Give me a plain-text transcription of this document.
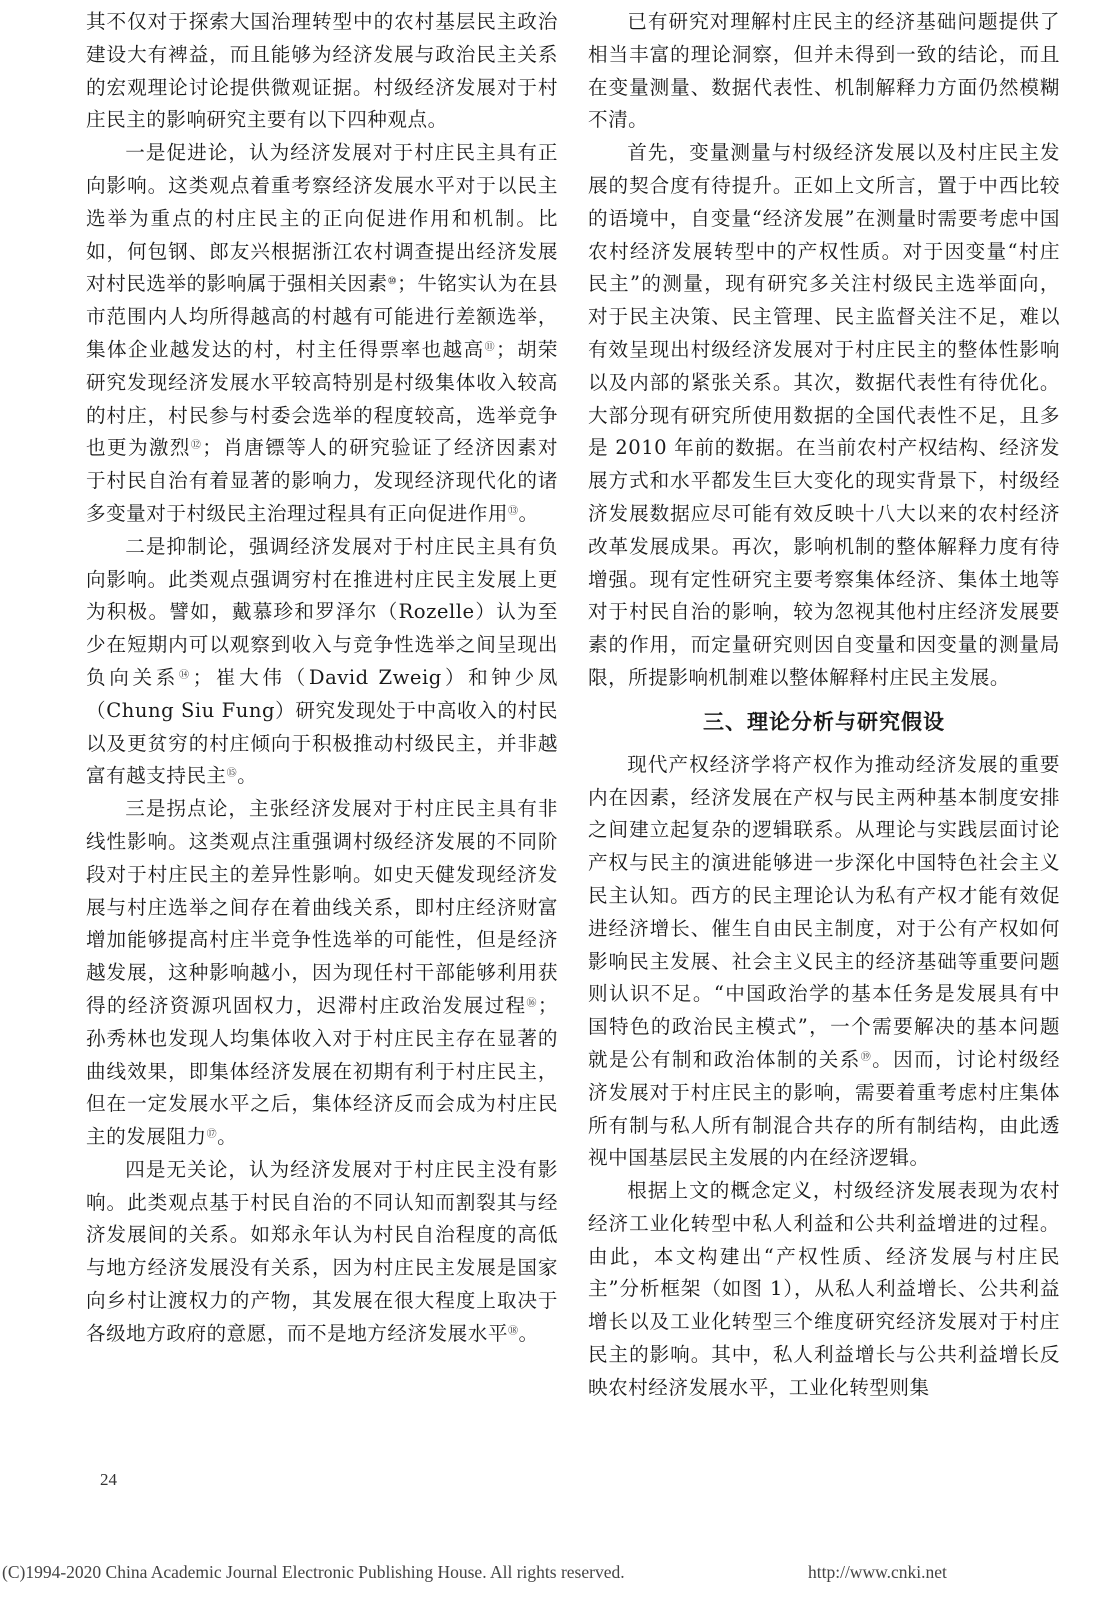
其不仅对于探索大国治理转型中的农村基层民主政治建设大有裨益，而且能够为经济发展与政治民主关系的宏观理论讨论提供微观证据。村级经济发展对于村庄民主的影响研究主要有以下四种观点。

一是促进论，认为经济发展对于村庄民主具有正向影响。这类观点着重考察经济发展水平对于以民主选举为重点的村庄民主的正向促进作用和机制。比如，何包钢、郎友兴根据浙江农村调查提出经济发展对村民选举的影响属于强相关因素⑩；牛铭实认为在县市范围内人均所得越高的村越有可能进行差额选举，集体企业越发达的村，村主任得票率也越高⑪；胡荣研究发现经济发展水平较高特别是村级集体收入较高的村庄，村民参与村委会选举的程度较高，选举竞争也更为激烈⑫；肖唐镖等人的研究验证了经济因素对于村民自治有着显著的影响力，发现经济现代化的诸多变量对于村级民主治理过程具有正向促进作用⑬。

二是抑制论，强调经济发展对于村庄民主具有负向影响。此类观点强调穷村在推进村庄民主发展上更为积极。譬如，戴慕珍和罗泽尔（Rozelle）认为至少在短期内可以观察到收入与竞争性选举之间呈现出负向关系⑭；崔大伟（David Zweig）和钟少凤（Chung Siu Fung）研究发现处于中高收入的村民以及更贫穷的村庄倾向于积极推动村级民主，并非越富有越支持民主⑮。

三是拐点论，主张经济发展对于村庄民主具有非线性影响。这类观点注重强调村级经济发展的不同阶段对于村庄民主的差异性影响。如史天健发现经济发展与村庄选举之间存在着曲线关系，即村庄经济财富增加能够提高村庄半竞争性选举的可能性，但是经济越发展，这种影响越小，因为现任村干部能够利用获得的经济资源巩固权力，迟滞村庄政治发展过程⑯；孙秀林也发现人均集体收入对于村庄民主存在显著的曲线效果，即集体经济发展在初期有利于村庄民主，但在一定发展水平之后，集体经济反而会成为村庄民主的发展阻力⑰。

四是无关论，认为经济发展对于村庄民主没有影响。此类观点基于村民自治的不同认知而割裂其与经济发展间的关系。如郑永年认为村民自治程度的高低与地方经济发展没有关系，因为村庄民主发展是国家向乡村让渡权力的产物，其发展在很大程度上取决于各级地方政府的意愿，而不是地方经济发展水平⑱。

已有研究对理解村庄民主的经济基础问题提供了相当丰富的理论洞察，但并未得到一致的结论，而且在变量测量、数据代表性、机制解释力方面仍然模糊不清。

首先，变量测量与村级经济发展以及村庄民主发展的契合度有待提升。正如上文所言，置于中西比较的语境中，自变量“经济发展”在测量时需要考虑中国农村经济发展转型中的产权性质。对于因变量“村庄民主”的测量，现有研究多关注村级民主选举面向，对于民主决策、民主管理、民主监督关注不足，难以有效呈现出村级经济发展对于村庄民主的整体性影响以及内部的紧张关系。其次，数据代表性有待优化。大部分现有研究所使用数据的全国代表性不足，且多是 2010 年前的数据。在当前农村产权结构、经济发展方式和水平都发生巨大变化的现实背景下，村级经济发展数据应尽可能有效反映十八大以来的农村经济改革发展成果。再次，影响机制的整体解释力度有待增强。现有定性研究主要考察集体经济、集体土地等对于村民自治的影响，较为忽视其他村庄经济发展要素的作用，而定量研究则因自变量和因变量的测量局限，所提影响机制难以整体解释村庄民主发展。

三、理论分析与研究假设

现代产权经济学将产权作为推动经济发展的重要内在因素，经济发展在产权与民主两种基本制度安排之间建立起复杂的逻辑联系。从理论与实践层面讨论产权与民主的演进能够进一步深化中国特色社会主义民主认知。西方的民主理论认为私有产权才能有效促进经济增长、催生自由民主制度，对于公有产权如何影响民主发展、社会主义民主的经济基础等重要问题则认识不足。“中国政治学的基本任务是发展具有中国特色的政治民主模式”，一个需要解决的基本问题就是公有制和政治体制的关系⑲。因而，讨论村级经济发展对于村庄民主的影响，需要着重考虑村庄集体所有制与私人所有制混合共存的所有制结构，由此透视中国基层民主发展的内在经济逻辑。

根据上文的概念定义，村级经济发展表现为农村经济工业化转型中私人利益和公共利益增进的过程。由此，本文构建出“产权性质、经济发展与村庄民主”分析框架（如图 1），从私人利益增长、公共利益增长以及工业化转型三个维度研究经济发展对于村庄民主的影响。其中，私人利益增长与公共利益增长反映农村经济发展水平，工业化转型则集

24
(C)1994-2020 China Academic Journal Electronic Publishing House. All rights reserved.	http://www.cnki.net
